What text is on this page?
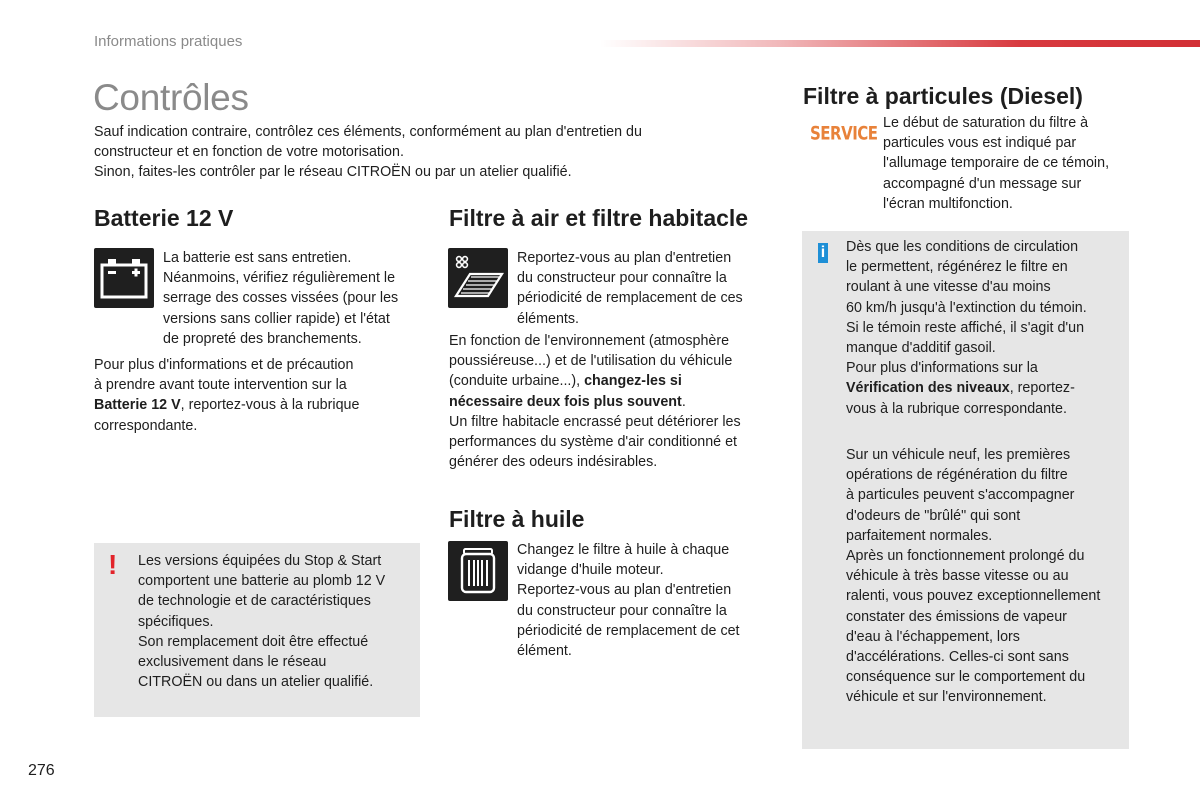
Informations pratiques
Contrôles
Sauf indication contraire, contrôlez ces éléments, conformément au plan d'entretien du
constructeur et en fonction de votre motorisation.
Sinon, faites-les contrôler par le réseau CITROËN ou par un atelier qualifié.
Batterie 12 V
La batterie est sans entretien.
Néanmoins, vérifiez régulièrement le
serrage des cosses vissées (pour les
versions sans collier rapide) et l'état
de propreté des branchements.
Pour plus d'informations et de précaution
à prendre avant toute intervention sur la
Batterie 12 V, reportez-vous à la rubrique
correspondante.
! Les versions équipées du Stop & Start
comportent une batterie au plomb 12 V
de technologie et de caractéristiques
spécifiques.
Son remplacement doit être effectué
exclusivement dans le réseau
CITROËN ou dans un atelier qualifié.
Filtre à air et filtre habitacle
Reportez-vous au plan d'entretien
du constructeur pour connaître la
périodicité de remplacement de ces
éléments.
En fonction de l'environnement (atmosphère
poussiéreuse...) et de l'utilisation du véhicule
(conduite urbaine...), changez-les si
nécessaire deux fois plus souvent.
Un filtre habitacle encrassé peut détériorer les
performances du système d'air conditionné et
générer des odeurs indésirables.
Filtre à huile
Changez le filtre à huile à chaque
vidange d'huile moteur.
Reportez-vous au plan d'entretien
du constructeur pour connaître la
périodicité de remplacement de cet
élément.
Filtre à particules (Diesel)
SERVICE Le début de saturation du filtre à
particules vous est indiqué par
l'allumage temporaire de ce témoin,
accompagné d'un message sur
l'écran multifonction.
i Dès que les conditions de circulation
le permettent, régénérez le filtre en
roulant à une vitesse d'au moins
60 km/h jusqu'à l'extinction du témoin.
Si le témoin reste affiché, il s'agit d'un
manque d'additif gasoil.
Pour plus d'informations sur la
Vérification des niveaux, reportez-
vous à la rubrique correspondante.
Sur un véhicule neuf, les premières
opérations de régénération du filtre
à particules peuvent s'accompagner
d'odeurs de "brûlé" qui sont
parfaitement normales.
Après un fonctionnement prolongé du
véhicule à très basse vitesse ou au
ralenti, vous pouvez exceptionnellement
constater des émissions de vapeur
d'eau à l'échappement, lors
d'accélérations. Celles-ci sont sans
conséquence sur le comportement du
véhicule et sur l'environnement.
276
